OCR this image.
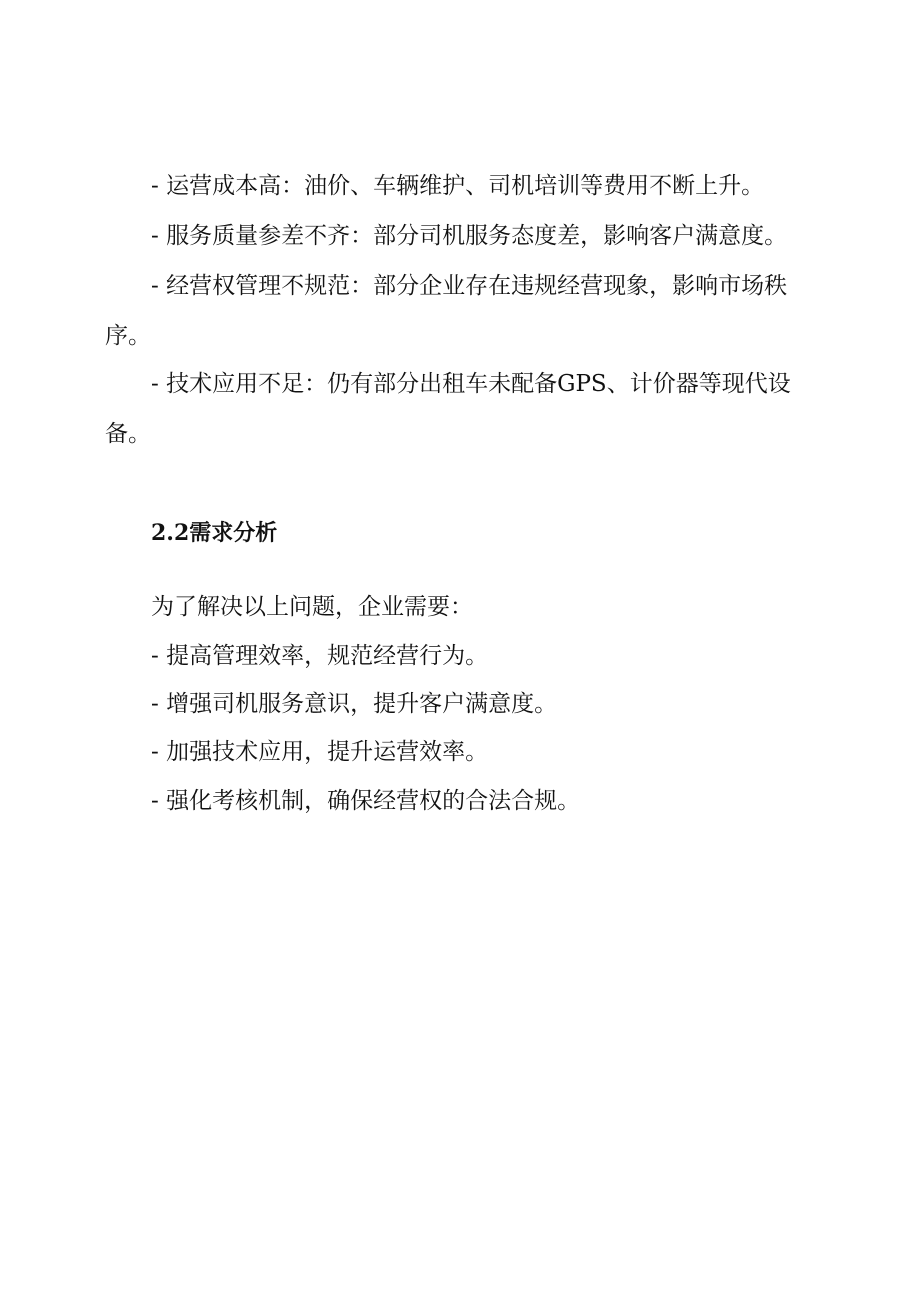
- 运营成本高：油价、车辆维护、司机培训等费用不断上升。

- 服务质量参差不齐：部分司机服务态度差，影响客户满意度。

- 经营权管理不规范：部分企业存在违规经营现象，影响市场秩序。

- 技术应用不足：仍有部分出租车未配备GPS、计价器等现代设备。

2.2需求分析

为了解决以上问题，企业需要：

- 提高管理效率，规范经营行为。

- 增强司机服务意识，提升客户满意度。

- 加强技术应用，提升运营效率。

- 强化考核机制，确保经营权的合法合规。
